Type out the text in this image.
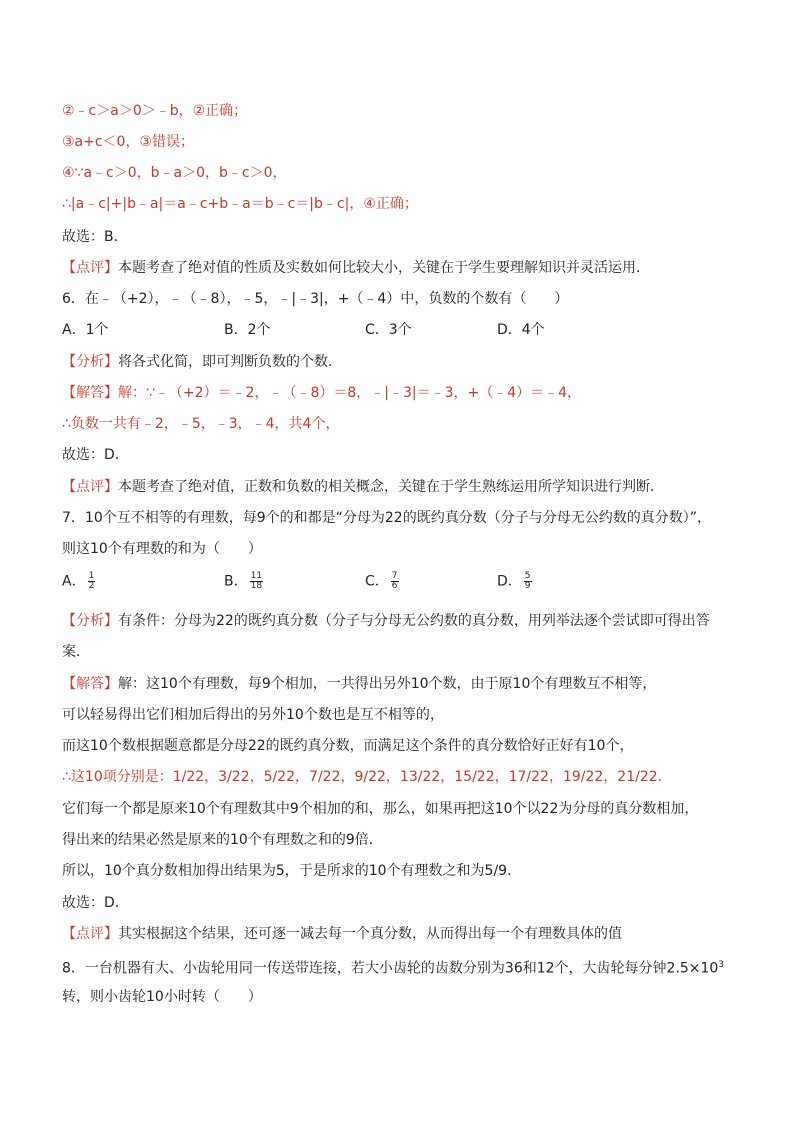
②﹣c＞a＞0＞﹣b，②正确；
③a+c＜0，③错误；
④∵a﹣c＞0，b﹣a＞0，b﹣c＞0，
∴|a﹣c|+|b﹣a|＝a﹣c+b﹣a＝b﹣c＝|b﹣c|，④正确；
故选：B．
【点评】本题考查了绝对值的性质及实数如何比较大小，关键在于学生要理解知识并灵活运用．
6．在﹣（+2），﹣（﹣8），﹣5，﹣|﹣3|，+（﹣4）中，负数的个数有（　　）
A．1个	B．2个	C．3个	D．4个
【分析】将各式化简，即可判断负数的个数．
【解答】解：∵﹣（+2）＝﹣2，﹣（﹣8）＝8，﹣|﹣3|＝﹣3，+（﹣4）＝﹣4，
∴负数一共有﹣2，﹣5，﹣3，﹣4，共4个，
故选：D．
【点评】本题考查了绝对值，正数和负数的相关概念，关键在于学生熟练运用所学知识进行判断．
7．10个互不相等的有理数，每9个的和都是“分母为22的既约真分数（分子与分母无公约数的真分数）”，
则这10个有理数的和为（　　）
A． $\frac{1}{2}$	B． $\frac{11}{18}$	C． $\frac{7}{6}$	D． $\frac{5}{9}$
【分析】有条件：分母为22的既约真分数（分子与分母无公约数的真分数，用列举法逐个尝试即可得出答
案．
【解答】解：这10个有理数，每9个相加，一共得出另外10个数，由于原10个有理数互不相等，
可以轻易得出它们相加后得出的另外10个数也是互不相等的，
而这10个数根据题意都是分母22的既约真分数，而满足这个条件的真分数恰好正好有10个，
∴这10项分别是：1/22，3/22，5/22，7/22，9/22，13/22，15/22，17/22，19/22，21/22．
它们每一个都是原来10个有理数其中9个相加的和，那么，如果再把这10个以22为分母的真分数相加，
得出来的结果必然是原来的10个有理数之和的9倍．
所以，10个真分数相加得出结果为5，于是所求的10个有理数之和为5/9．
故选：D．
【点评】其实根据这个结果，还可逐一减去每一个真分数，从而得出每一个有理数具体的值
8．一台机器有大、小齿轮用同一传送带连接，若大小齿轮的齿数分别为36和12个，大齿轮每分钟$2.5\times 10^3$
转，则小齿轮10小时转（　　）
